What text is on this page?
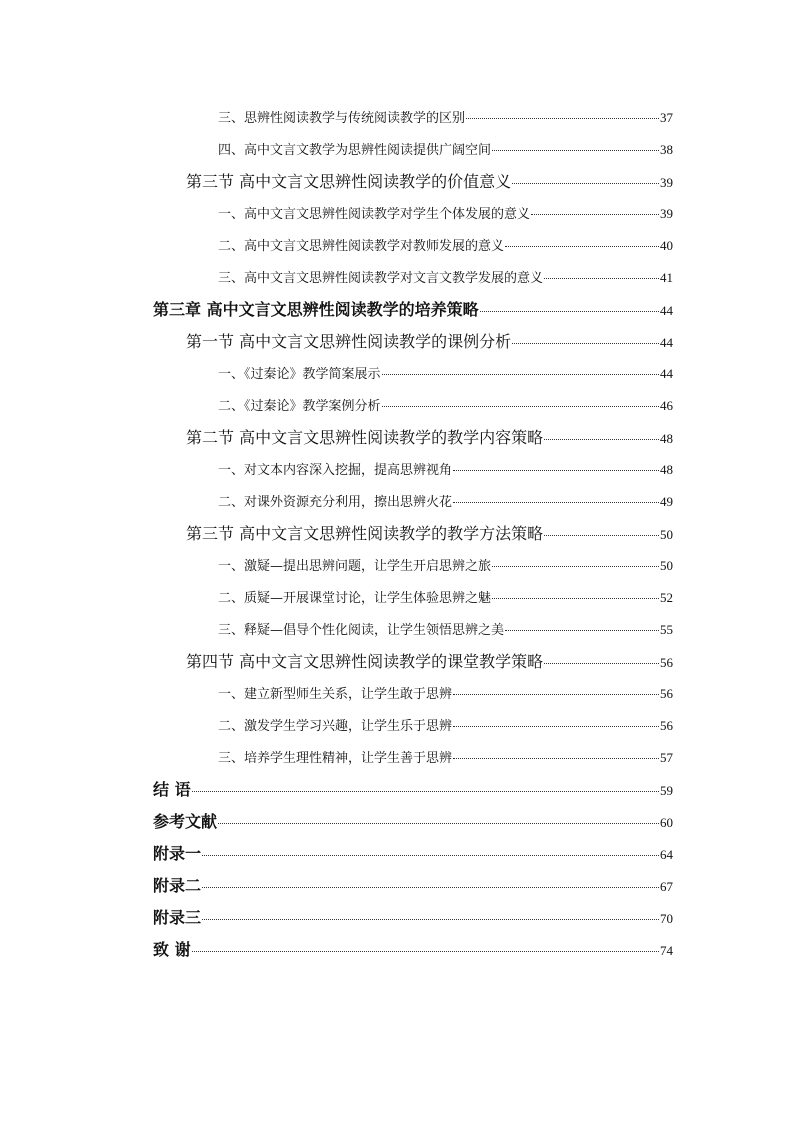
三、思辨性阅读教学与传统阅读教学的区别	37
四、高中文言文教学为思辨性阅读提供广阔空间	38
第三节 高中文言文思辨性阅读教学的价值意义	39
一、高中文言文思辨性阅读教学对学生个体发展的意义	39
二、高中文言文思辨性阅读教学对教师发展的意义	40
三、高中文言文思辨性阅读教学对文言文教学发展的意义	41
第三章 高中文言文思辨性阅读教学的培养策略	44
第一节 高中文言文思辨性阅读教学的课例分析	44
一、《过秦论》教学简案展示	44
二、《过秦论》教学案例分析	46
第二节 高中文言文思辨性阅读教学的教学内容策略	48
一、对文本内容深入挖掘，提高思辨视角	48
二、对课外资源充分利用，擦出思辨火花	49
第三节 高中文言文思辨性阅读教学的教学方法策略	50
一、激疑—提出思辨问题，让学生开启思辨之旅	50
二、质疑—开展课堂讨论，让学生体验思辨之魅	52
三、释疑—倡导个性化阅读，让学生领悟思辨之美	55
第四节 高中文言文思辨性阅读教学的课堂教学策略	56
一、建立新型师生关系，让学生敢于思辨	56
二、激发学生学习兴趣，让学生乐于思辨	56
三、培养学生理性精神，让学生善于思辨	57
结 语	59
参考文献	60
附录一	64
附录二	67
附录三	70
致 谢	74
